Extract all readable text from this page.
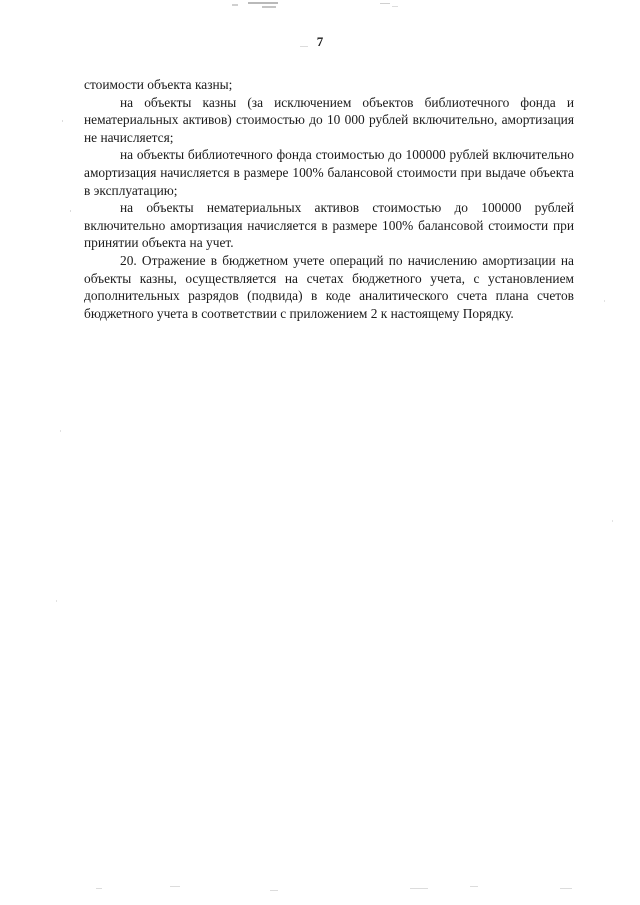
7

стоимости объекта казны;

на объекты казны (за исключением объектов библиотечного фонда и нематериальных активов) стоимостью до 10 000 рублей включительно, амортизация не начисляется;

на объекты библиотечного фонда стоимостью до 100000 рублей включительно амортизация начисляется в размере 100% балансовой стоимости при выдаче объекта в эксплуатацию;

на объекты нематериальных активов стоимостью до 100000 рублей включительно амортизация начисляется в размере 100% балансовой стоимости при принятии объекта на учет.

20. Отражение в бюджетном учете операций по начислению амортизации на объекты казны, осуществляется на счетах бюджетного учета, с установлением дополнительных разрядов (подвида) в коде аналитического счета плана счетов бюджетного учета в соответствии с приложением 2 к настоящему Порядку.
